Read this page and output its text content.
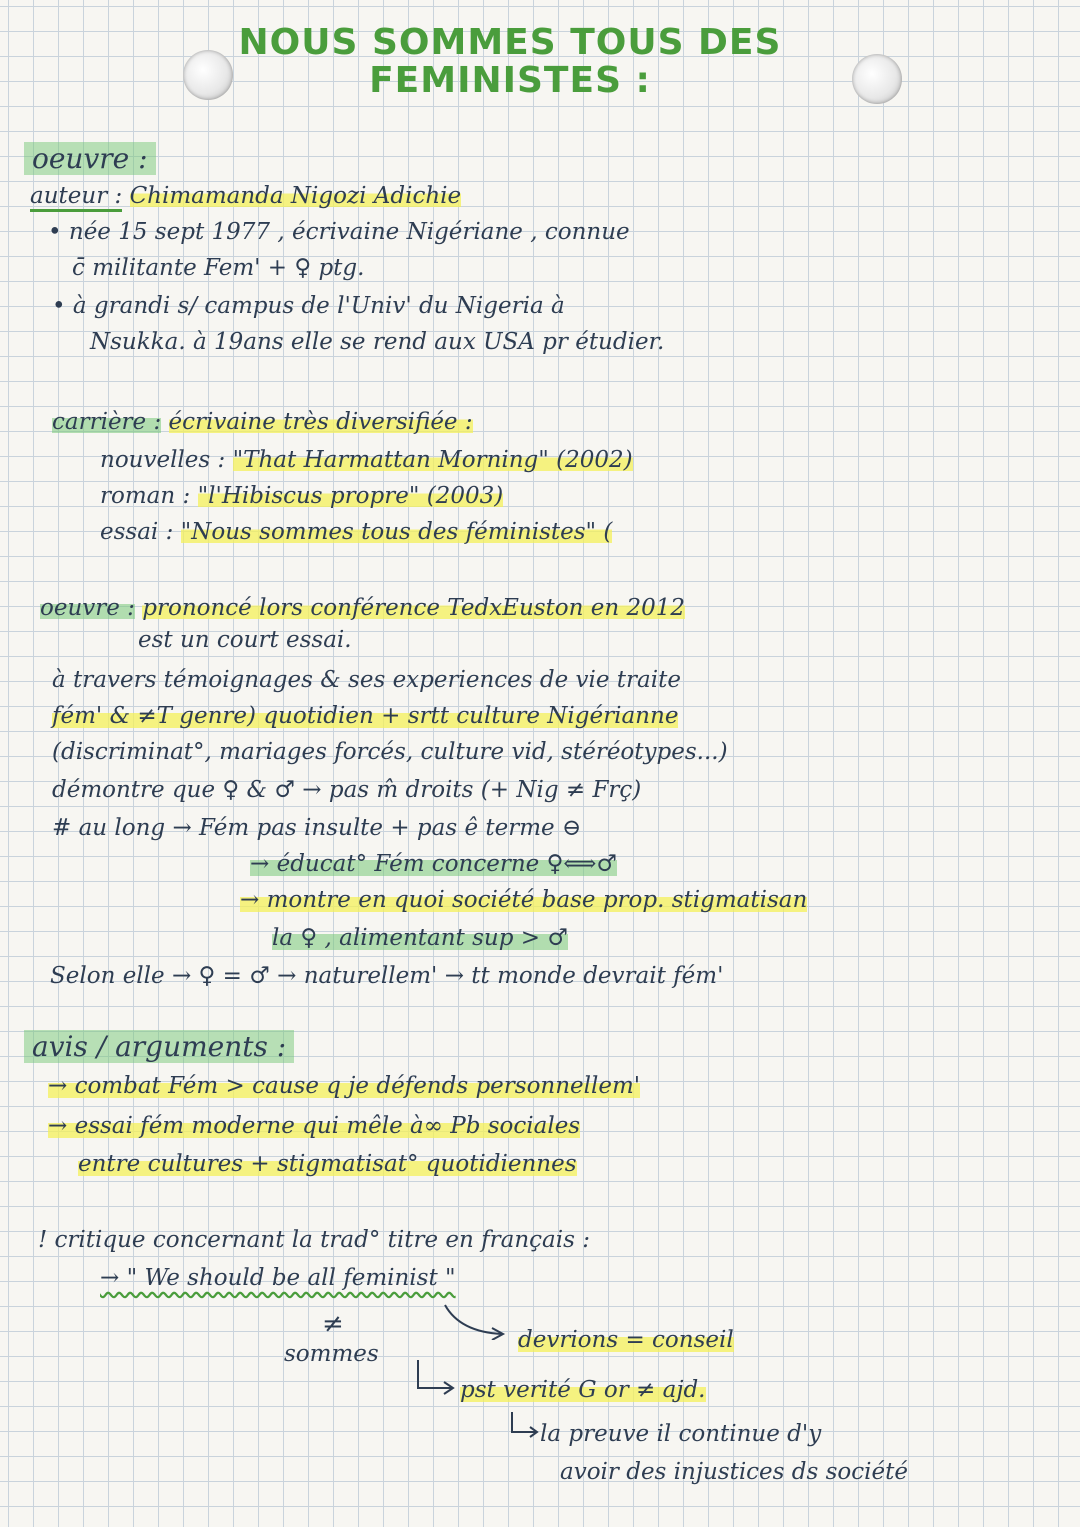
NOUS SOMMES TOUS DES
FEMINISTES :
oeuvre :
auteur : Chimamanda Nigozi Adichie
• née 15 sept 1977 , écrivaine Nigériane , connue
c̄ militante Fem' + ♀ ptg.
• à grandi s/ campus de l'Univ' du Nigeria à
Nsukka. à 19ans elle se rend aux USA pr étudier.
carrière : écrivaine très diversifiée :
nouvelles : "That Harmattan Morning" (2002)
roman : "l'Hibiscus propre" (2003)
essai : "Nous sommes tous des féministes" (
oeuvre : prononcé lors conférence TedxEuston en 2012
est un court essai.
à travers témoignages & ses experiences de vie traite
fém' & ≠T genre) quotidien + srtt culture Nigérianne
(discriminat°, mariages forcés, culture vid, stéréotypes...)
démontre que ♀ & ♂ → pas m̂ droits (+ Nig ≠ Frç)
# au long → Fém pas insulte + pas ê terme ⊖
→ éducat° Fém concerne ♀⟺♂
→ montre en quoi société base prop. stigmatisan
la ♀ , alimentant sup > ♂
Selon elle → ♀ = ♂ → naturellem' → tt monde devrait fém'
avis / arguments :
→ combat Fém > cause q je défends personnellem'
→ essai fém moderne qui mêle à∞ Pb sociales
entre cultures + stigmatisat° quotidiennes
! critique concernant la trad° titre en français :
→ " We should be all feminist "
≠
sommes
devrions = conseil
pst verité G or ≠ ajd.
la preuve il continue d'y
avoir des injustices ds société
